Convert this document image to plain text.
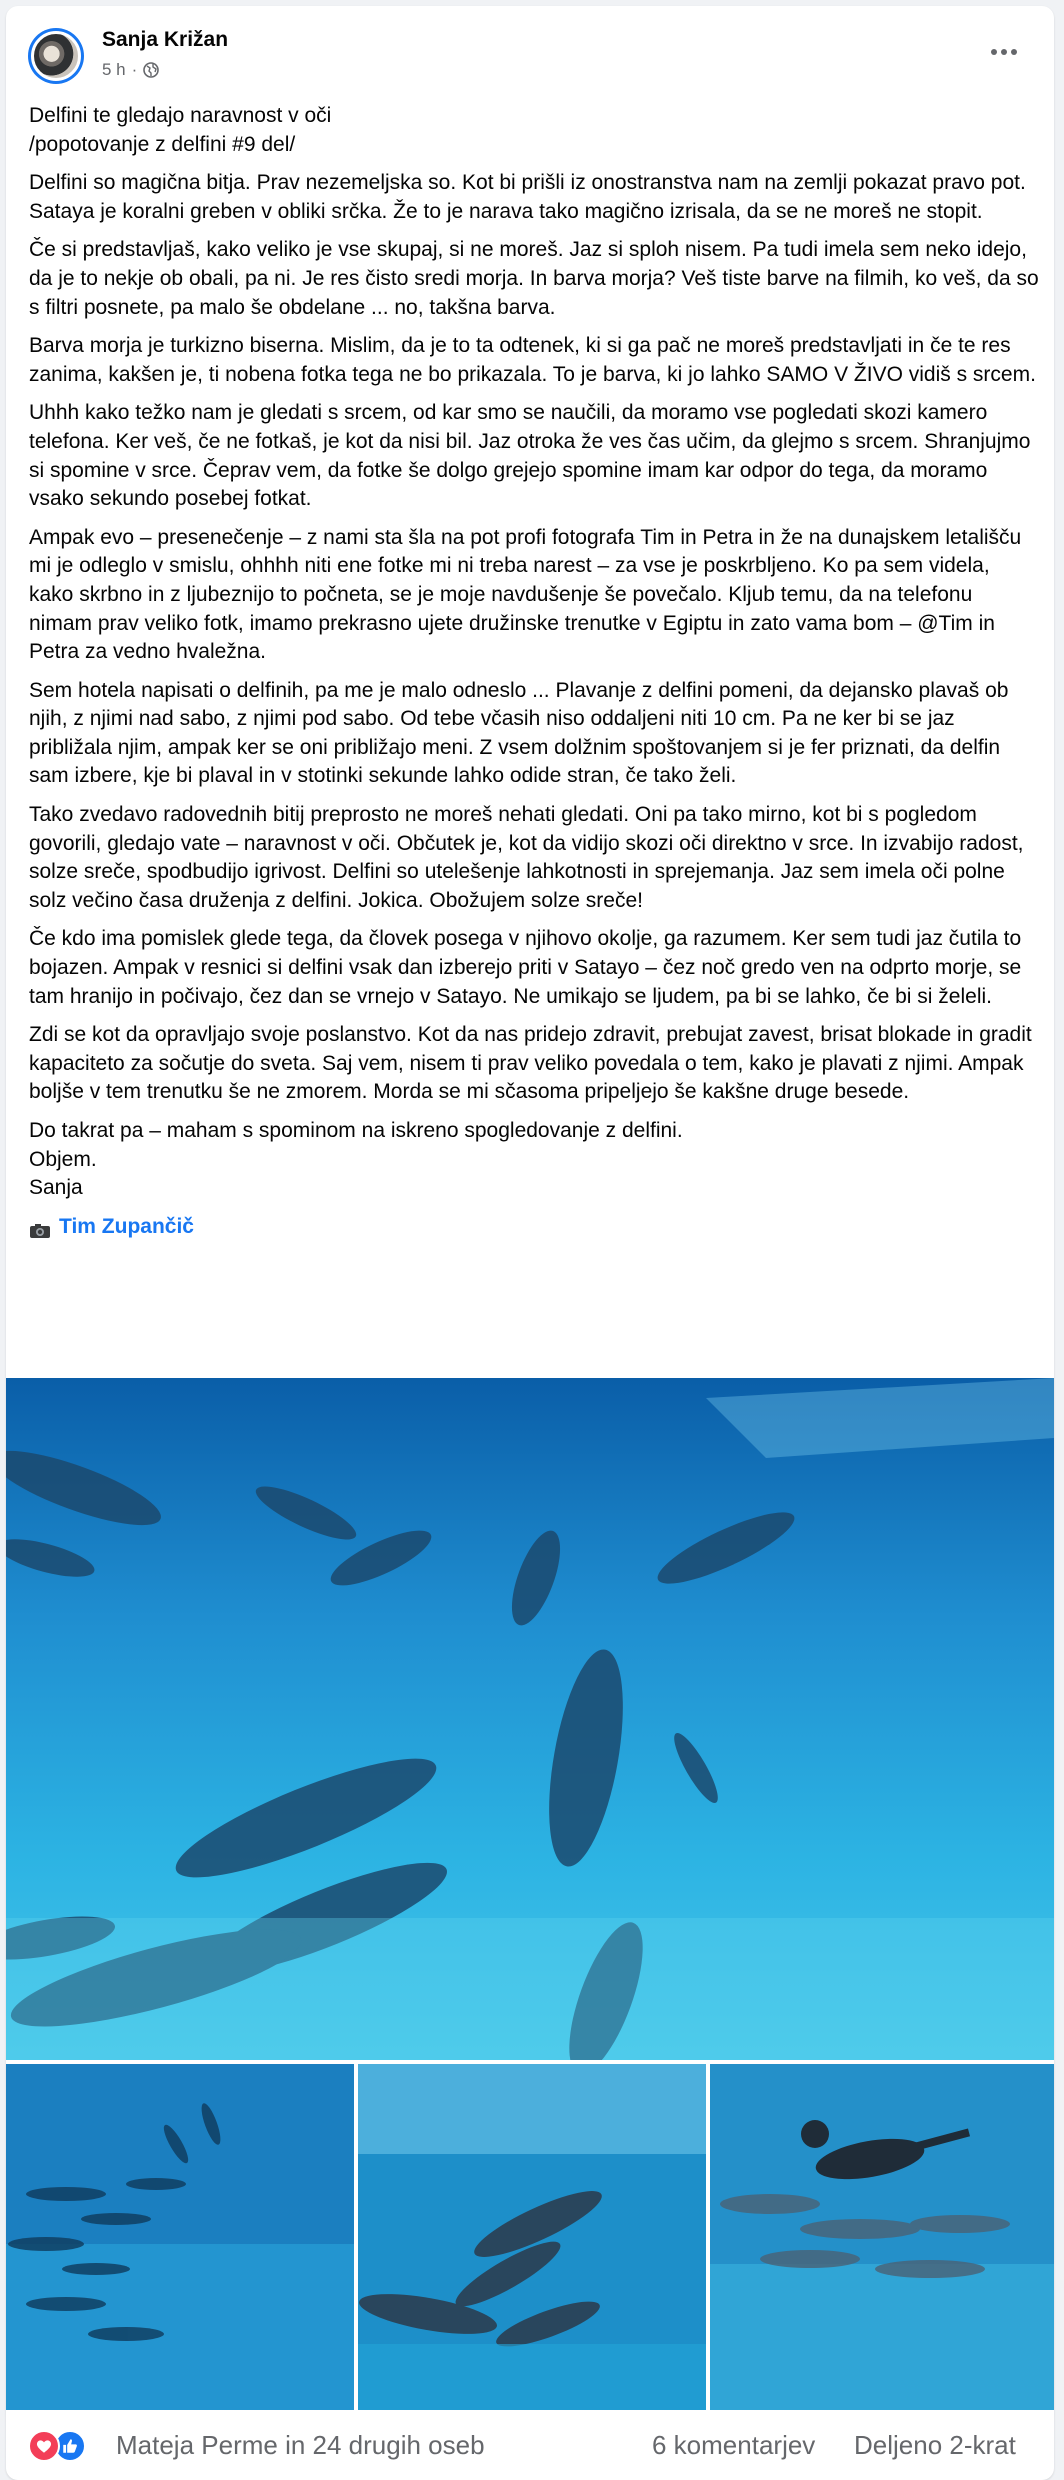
Sanja Križan
5 h ·

Delfini te gledajo naravnost v oči
/popotovanje z delfini #9 del/

Delfini so magična bitja. Prav nezemeljska so. Kot bi prišli iz onostranstva nam na zemlji pokazat pravo pot. Sataya je koralni greben v obliki srčka. Že to je narava tako magično izrisala, da se ne moreš ne stopit.

Če si predstavljaš, kako veliko je vse skupaj, si ne moreš. Jaz si sploh nisem. Pa tudi imela sem neko idejo, da je to nekje ob obali, pa ni. Je res čisto sredi morja. In barva morja? Veš tiste barve na filmih, ko veš, da so s filtri posnete, pa malo še obdelane ... no, takšna barva.

Barva morja je turkizno biserna. Mislim, da je to ta odtenek, ki si ga pač ne moreš predstavljati in če te res zanima, kakšen je, ti nobena fotka tega ne bo prikazala. To je barva, ki jo lahko SAMO V ŽIVO vidiš s srcem.

Uhhh kako težko nam je gledati s srcem, od kar smo se naučili, da moramo vse pogledati skozi kamero telefona. Ker veš, če ne fotkaš, je kot da nisi bil. Jaz otroka že ves čas učim, da glejmo s srcem. Shranjujmo si spomine v srce. Čeprav vem, da fotke še dolgo grejejo spomine imam kar odpor do tega, da moramo vsako sekundo posebej fotkat.

Ampak evo – presenečenje – z nami sta šla na pot profi fotografa Tim in Petra in že na dunajskem letališču mi je odleglo v smislu, ohhhh niti ene fotke mi ni treba narest – za vse je poskrbljeno. Ko pa sem videla, kako skrbno in z ljubeznijo to počneta, se je moje navdušenje še povečalo. Kljub temu, da na telefonu nimam prav veliko fotk, imamo prekrasno ujete družinske trenutke v Egiptu in zato vama bom – @Tim in Petra za vedno hvaležna.

Sem hotela napisati o delfinih, pa me je malo odneslo ... Plavanje z delfini pomeni, da dejansko plavaš ob njih, z njimi nad sabo, z njimi pod sabo. Od tebe včasih niso oddaljeni niti 10 cm. Pa ne ker bi se jaz približala njim, ampak ker se oni približajo meni. Z vsem dolžnim spoštovanjem si je fer priznati, da delfin sam izbere, kje bi plaval in v stotinki sekunde lahko odide stran, če tako želi.

Tako zvedavo radovednih bitij preprosto ne moreš nehati gledati. Oni pa tako mirno, kot bi s pogledom govorili, gledajo vate – naravnost v oči. Občutek je, kot da vidijo skozi oči direktno v srce. In izvabijo radost, solze sreče, spodbudijo igrivost. Delfini so utelešenje lahkotnosti in sprejemanja. Jaz sem imela oči polne solz večino časa druženja z delfini. Jokica. Obožujem solze sreče!

Če kdo ima pomislek glede tega, da človek posega v njihovo okolje, ga razumem. Ker sem tudi jaz čutila to bojazen. Ampak v resnici si delfini vsak dan izberejo priti v Satayo – čez noč gredo ven na odprto morje, se tam hranijo in počivajo, čez dan se vrnejo v Satayo. Ne umikajo se ljudem, pa bi se lahko, če bi si želeli.

Zdi se kot da opravljajo svoje poslanstvo. Kot da nas pridejo zdravit, prebujat zavest, brisat blokade in gradit kapaciteto za sočutje do sveta. Saj vem, nisem ti prav veliko povedala o tem, kako je plavati z njimi. Ampak boljše v tem trenutku še ne zmorem. Morda se mi sčasoma pripeljejo še kakšne druge besede.

Do takrat pa – maham s spominom na iskreno spogledovanje z delfini.
Objem.
Sanja

Tim Zupančič
Mateja Perme in 24 drugih oseb	6 komentarjev Deljeno 2-krat
